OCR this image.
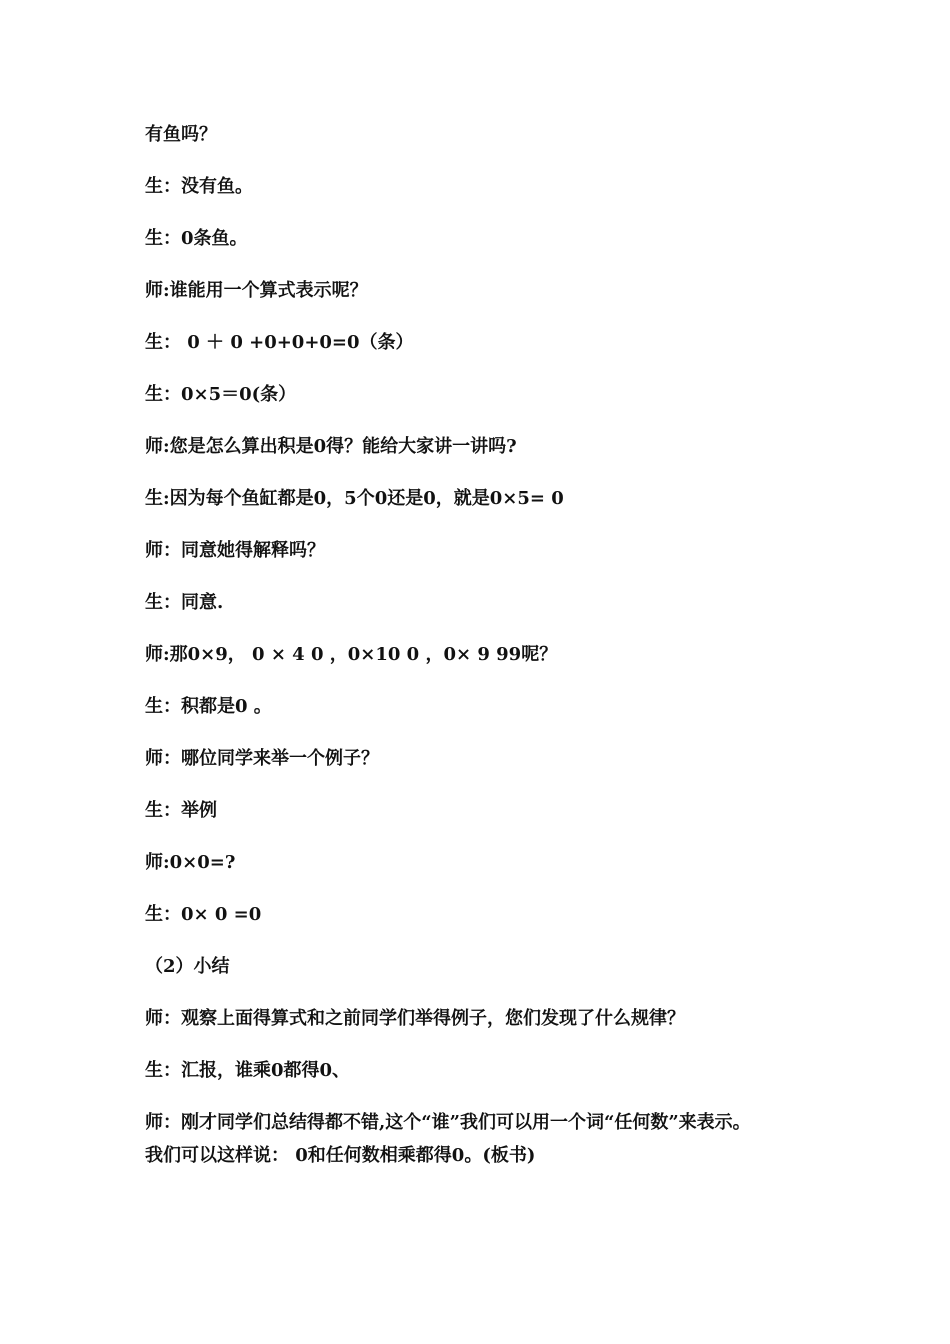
有鱼吗？
生：没有鱼。
生：0条鱼。
师:谁能用一个算式表示呢？
生： 0 ＋ 0 +0+0+0=0（条）
生：0×5＝0(条）
师:您是怎么算出积是0得？能给大家讲一讲吗?
生:因为每个鱼缸都是0，5个0还是0，就是0×5= 0
师：同意她得解释吗？
生：同意.
师:那0×9， 0 × 4 0 ，0×10 0 ，0× 9 99呢？
生：积都是0 。
师：哪位同学来举一个例子？
生：举例
师:0×0=?
生：0× 0 =0
（2）小结
师：观察上面得算式和之前同学们举得例子，您们发现了什么规律？
生：汇报，谁乘0都得0、
师：刚才同学们总结得都不错,这个“谁”我们可以用一个词“任何数”来表示。
我们可以这样说： 0和任何数相乘都得0。(板书)
